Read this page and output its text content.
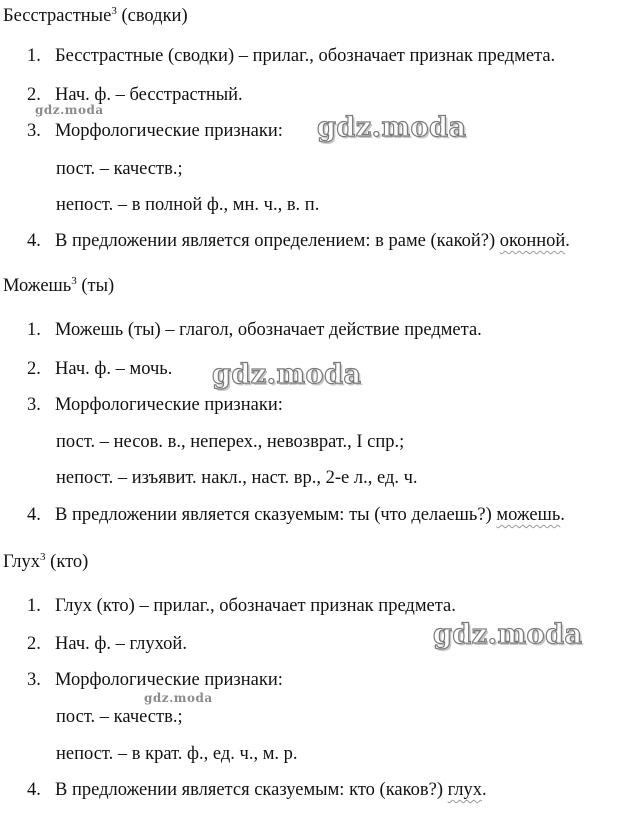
Бесстрастные$^3$ (сводки)
1. Бесстрастные (сводки) – прилаг., обозначает признак предмета.
2. Нач. ф. – бесстрастный.
3. Морфологические признаки:
пост. – качеств.;
непост. – в полной ф., мн. ч., в. п.
4. В предложении является определением: в раме (какой?) оконной.
Можешь$^3$ (ты)
1. Можешь (ты) – глагол, обозначает действие предмета.
2. Нач. ф. – мочь.
3. Морфологические признаки:
пост. – несов. в., неперех., невозврат., I спр.;
непост. – изъявит. накл., наст. вр., 2-е л., ед. ч.
4. В предложении является сказуемым: ты (что делаешь?) можешь.
Глух$^3$ (кто)
1. Глух (кто) – прилаг., обозначает признак предмета.
2. Нач. ф. – глухой.
3. Морфологические признаки:
пост. – качеств.;
непост. – в крат. ф., ед. ч., м. р.
4. В предложении является сказуемым: кто (каков?) глух.
gdz.moda
gdz.moda
gdz.moda
gdz.moda
gdz.moda
